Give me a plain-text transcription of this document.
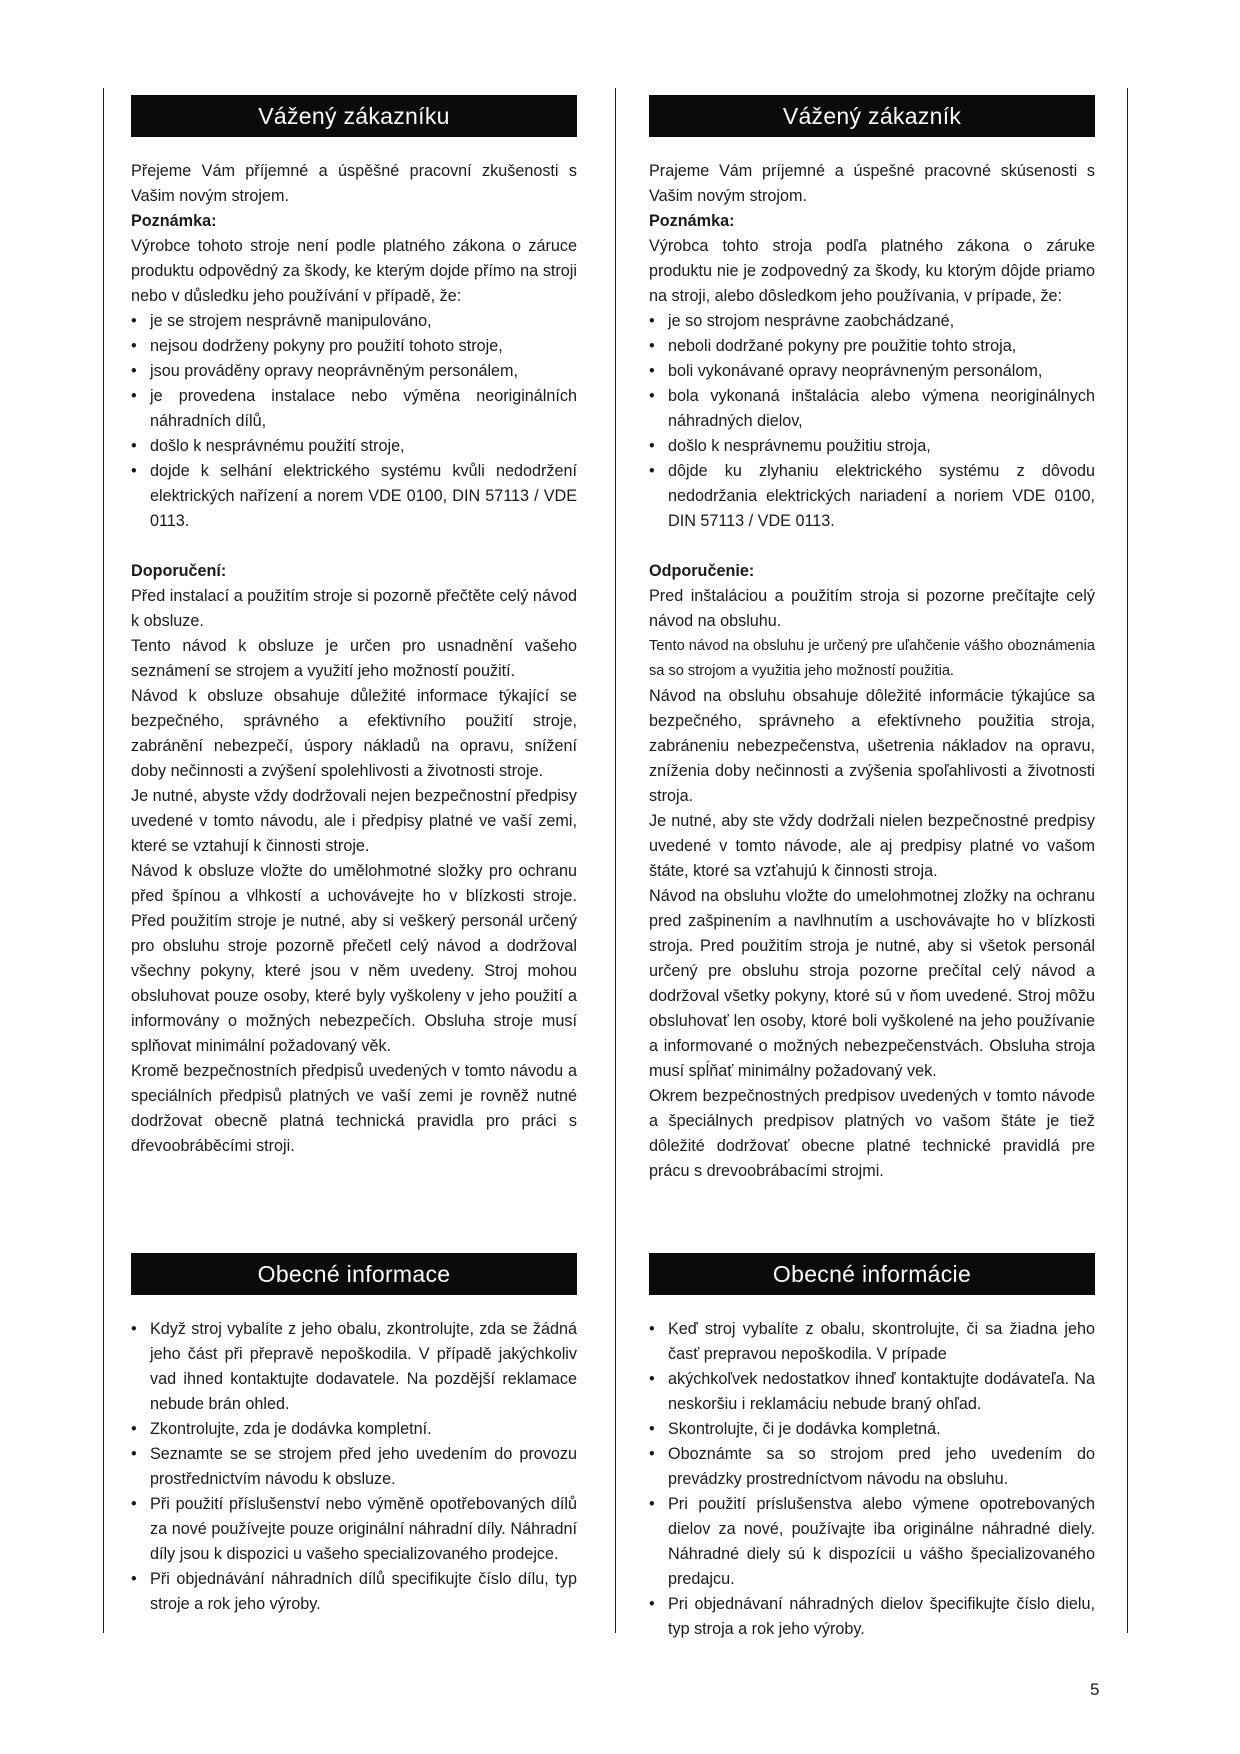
Vážený zákazníku

Přejeme Vám příjemné a úspěšné pracovní zkušenosti s Vašim novým strojem.

Poznámka:

Výrobce tohoto stroje není podle platného zákona o záruce produktu odpovědný za škody, ke kterým dojde přímo na stroji nebo v důsledku jeho používání v případě, že:

• je se strojem nesprávně manipulováno,
• nejsou dodrženy pokyny pro použití tohoto stroje,
• jsou prováděny opravy neoprávněným personálem,
• je provedena instalace nebo výměna neoriginálních náhradních dílů,
• došlo k nesprávnému použití stroje,
• dojde k selhání elektrického systému kvůli nedodržení elektrických nařízení a norem VDE 0100, DIN 57113 / VDE 0113.
Doporučení:

Před instalací a použitím stroje si pozorně přečtěte celý návod k obsluze.

Tento návod k obsluze je určen pro usnadnění vašeho seznámení se strojem a využití jeho možností použití.

Návod k obsluze obsahuje důležité informace týkající se bezpečného, správného a efektivního použití stroje, zabránění nebezpečí, úspory nákladů na opravu, snížení doby nečinnosti a zvýšení spolehlivosti a životnosti stroje.

Je nutné, abyste vždy dodržovali nejen bezpečnostní předpisy uvedené v tomto návodu, ale i předpisy platné ve vaší zemi, které se vztahují k činnosti stroje.

Návod k obsluze vložte do umělohmotné složky pro ochranu před špínou a vlhkostí a uchovávejte ho v blízkosti stroje. Před použitím stroje je nutné, aby si veškerý personál určený pro obsluhu stroje pozorně přečetl celý návod a dodržoval všechny pokyny, které jsou v něm uvedeny. Stroj mohou obsluhovat pouze osoby, které byly vyškoleny v jeho použití a informovány o možných nebezpečích. Obsluha stroje musí splňovat minimální požadovaný věk.

Kromě bezpečnostních předpisů uvedených v tomto návodu a speciálních předpisů platných ve vaší zemi je rovněž nutné dodržovat obecně platná technická pravidla pro práci s dřevoobráběcími stroji.

Obecné informace
• Když stroj vybalíte z jeho obalu, zkontrolujte, zda se žádná jeho část při přepravě nepoškodila. V případě jakýchkoliv vad ihned kontaktujte dodavatele. Na pozdější reklamace nebude brán ohled.
• Zkontrolujte, zda je dodávka kompletní.
• Seznamte se se strojem před jeho uvedením do provozu prostřednictvím návodu k obsluze.
• Při použití příslušenství nebo výměně opotřebovaných dílů za nové používejte pouze originální náhradní díly. Náhradní díly jsou k dispozici u vašeho specializovaného prodejce.
• Při objednávání náhradních dílů specifikujte číslo dílu, typ stroje a rok jeho výroby.
Vážený zákazník

Prajeme Vám príjemné a úspešné pracovné skúsenosti s Vašim novým strojom.

Poznámka:

Výrobca tohto stroja podľa platného zákona o záruke produktu nie je zodpovedný za škody, ku ktorým dôjde priamo na stroji, alebo dôsledkom jeho používania, v prípade, že:

• je so strojom nesprávne zaobchádzané,
• neboli dodržané pokyny pre použitie tohto stroja,
• boli vykonávané opravy neoprávneným personálom,
• bola vykonaná inštalácia alebo výmena neoriginálnych náhradných dielov,
• došlo k nesprávnemu použitiu stroja,
• dôjde ku zlyhaniu elektrického systému z dôvodu nedodržania elektrických nariadení a noriem VDE 0100, DIN 57113 / VDE 0113.
Odporučenie:

Pred inštaláciou a použitím stroja si pozorne prečítajte celý návod na obsluhu.

Tento návod na obsluhu je určený pre uľahčenie vášho oboznámenia sa so strojom a využitia jeho možností použitia.

Návod na obsluhu obsahuje dôležité informácie týkajúce sa bezpečného, správneho a efektívneho použitia stroja, zabráneniu nebezpečenstva, ušetrenia nákladov na opravu, zníženia doby nečinnosti a zvýšenia spoľahlivosti a životnosti stroja.

Je nutné, aby ste vždy dodržali nielen bezpečnostné predpisy uvedené v tomto návode, ale aj predpisy platné vo vašom štáte, ktoré sa vzťahujú k činnosti stroja.

Návod na obsluhu vložte do umelohmotnej zložky na ochranu pred zašpinením a navlhnutím a uschovávajte ho v blízkosti stroja. Pred použitím stroja je nutné, aby si všetok personál určený pre obsluhu stroja pozorne prečítal celý návod a dodržoval všetky pokyny, ktoré sú v ňom uvedené. Stroj môžu obsluhovať len osoby, ktoré boli vyškolené na jeho používanie a informované o možných nebezpečenstvách. Obsluha stroja musí spĺňať minimálny požadovaný vek.

Okrem bezpečnostných predpisov uvedených v tomto návode a špeciálnych predpisov platných vo vašom štáte je tiež dôležité dodržovať obecne platné technické pravidlá pre prácu s drevoobrábacími strojmi.

Obecné informácie
• Keď stroj vybalíte z obalu, skontrolujte, či sa žiadna jeho časť prepravou nepoškodila. V prípade
• akýchkoľvek nedostatkov ihneď kontaktujte dodávateľa. Na neskoršiu i reklamáciu nebude braný ohľad.
• Skontrolujte, či je dodávka kompletná.
• Oboznámte sa so strojom pred jeho uvedením do prevádzky prostredníctvom návodu na obsluhu.
• Pri použití príslušenstva alebo výmene opotrebovaných dielov za nové, používajte iba originálne náhradné diely. Náhradné diely sú k dispozícii u vášho špecializovaného predajcu.
• Pri objednávaní náhradných dielov špecifikujte číslo dielu, typ stroja a rok jeho výroby.
5
